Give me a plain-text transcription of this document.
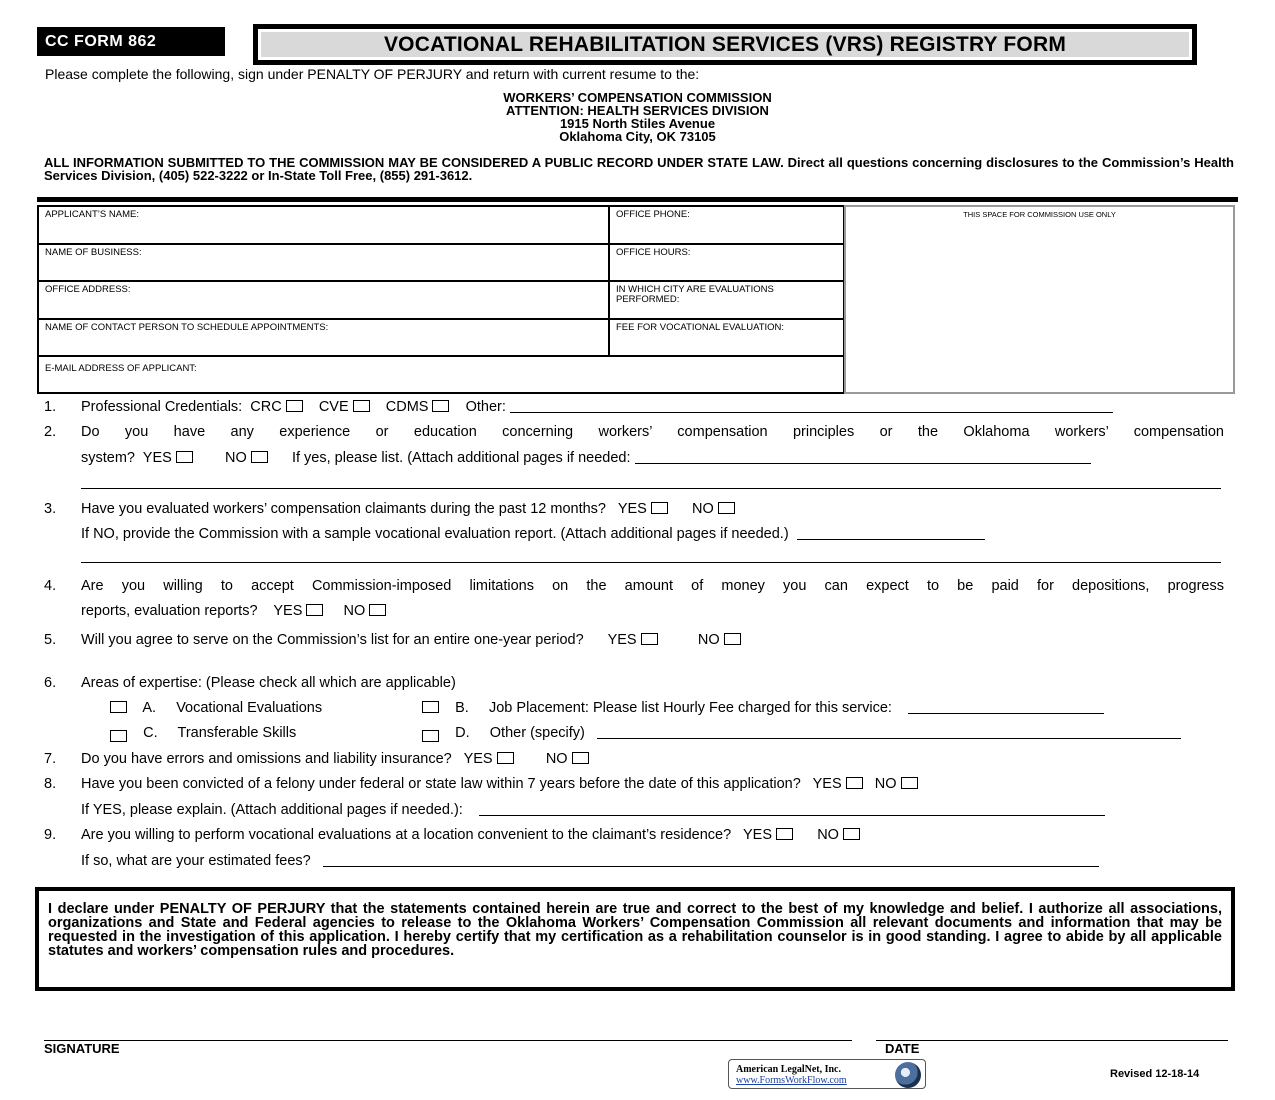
CC FORM 862	VOCATIONAL REHABILITATION SERVICES (VRS) REGISTRY FORM
Please complete the following, sign under PENALTY OF PERJURY and return with current resume to the:
WORKERS’ COMPENSATION COMMISSION
ATTENTION: HEALTH SERVICES DIVISION
1915 North Stiles Avenue
Oklahoma City, OK 73105
ALL INFORMATION SUBMITTED TO THE COMMISSION MAY BE CONSIDERED A PUBLIC RECORD UNDER STATE LAW. Direct all questions concerning disclosures to the Commission’s Health Services Division, (405) 522-3222 or In-State Toll Free, (855) 291-3612.
APPLICANT’S NAME:	OFFICE PHONE:
NAME OF BUSINESS:	OFFICE HOURS:
OFFICE ADDRESS:	IN WHICH CITY ARE EVALUATIONS PERFORMED:
NAME OF CONTACT PERSON TO SCHEDULE APPOINTMENTS:	FEE FOR VOCATIONAL EVALUATION:
E-MAIL ADDRESS OF APPLICANT:
THIS SPACE FOR COMMISSION USE ONLY
1. Professional Credentials: CRC	CVE	CDMS	Other:
2. Do you have any experience or education concerning workers’ compensation principles or the Oklahoma workers’ compensation
system? YES	NO	If yes, please list. (Attach additional pages if needed:
3. Have you evaluated workers’ compensation claimants during the past 12 months? YES	NO
If NO, provide the Commission with a sample vocational evaluation report. (Attach additional pages if needed.)
4. Are you willing to accept Commission-imposed limitations on the amount of money you can expect to be paid for depositions, progress
reports, evaluation reports? YES	NO
5. Will you agree to serve on the Commission’s list for an entire one-year period? YES	NO
6. Areas of expertise: (Please check all which are applicable)
A. Vocational Evaluations	B. Job Placement: Please list Hourly Fee charged for this service:
C. Transferable Skills	D. Other (specify)
7. Do you have errors and omissions and liability insurance? YES	NO
8. Have you been convicted of a felony under federal or state law within 7 years before the date of this application? YES NO
If YES, please explain. (Attach additional pages if needed.):
9. Are you willing to perform vocational evaluations at a location convenient to the claimant’s residence? YES	NO
If so, what are your estimated fees?
I declare under PENALTY OF PERJURY that the statements contained herein are true and correct to the best of my knowledge and belief. I authorize all associations, organizations and State and Federal agencies to release to the Oklahoma Workers’ Compensation Commission all relevant documents and information that may be requested in the investigation of this application. I hereby certify that my certification as a rehabilitation counselor is in good standing. I agree to abide by all applicable statutes and workers’ compensation rules and procedures.
SIGNATURE	DATE
American LegalNet, Inc.
www.FormsWorkFlow.com
Revised 12-18-14
